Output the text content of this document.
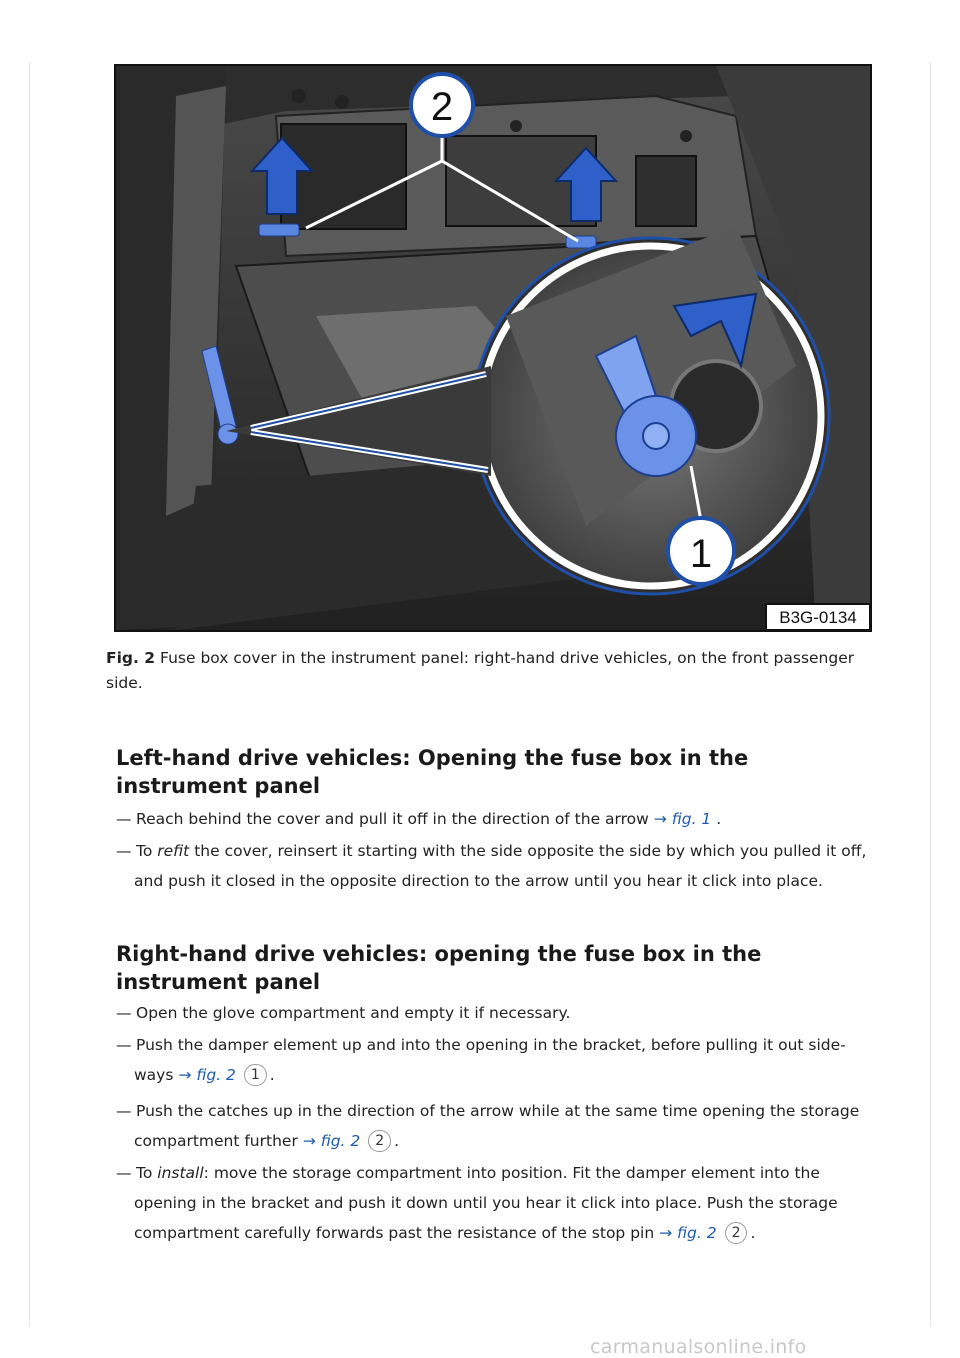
2
1
B3G-0134
Fig. 2 Fuse box cover in the instrument panel: right-hand drive vehicles, on the front passenger side.
Left-hand drive vehicles: Opening the fuse box in the instrument panel
— Reach behind the cover and pull it off in the direction of the arrow → fig. 1 .
— To refit the cover, reinsert it starting with the side opposite the side by which you pulled it off,
and push it closed in the opposite direction to the arrow until you hear it click into place.
Right-hand drive vehicles: opening the fuse box in the instrument panel
— Open the glove compartment and empty it if necessary.
— Push the damper element up and into the opening in the bracket, before pulling it out side-
ways → fig. 2 1 .
— Push the catches up in the direction of the arrow while at the same time opening the storage
compartment further → fig. 2 2 .
— To install: move the storage compartment into position. Fit the damper element into the
opening in the bracket and push it down until you hear it click into place. Push the storage
compartment carefully forwards past the resistance of the stop pin → fig. 2 2 .
carmanualsonline.info
